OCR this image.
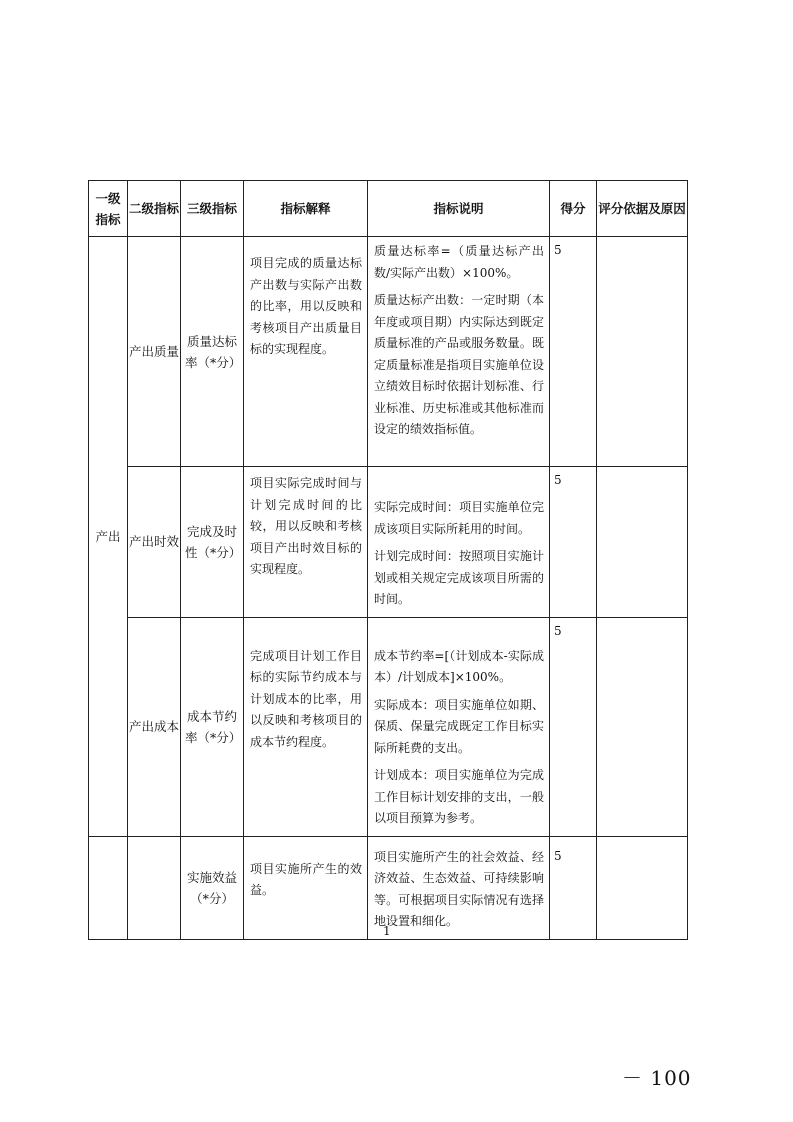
一级指标	二级指标	三级指标	指标解释	指标说明	得分	评分依据及原因
产出	产出质量	质量达标率（*分）	项目完成的质量达标产出数与实际产出数的比率，用以反映和考核项目产出质量目标的实现程度。	质量达标率=（质量达标产出数/实际产出数）×100%。

质量达标产出数：一定时期（本年度或项目期）内实际达到既定质量标准的产品或服务数量。既定质量标准是指项目实施单位设立绩效目标时依据计划标准、行业标准、历史标准或其他标准而设定的绩效指标值。	5	
	产出时效	完成及时性（*分）	项目实际完成时间与计划完成时间的比较，用以反映和考核项目产出时效目标的实现程度。	实际完成时间：项目实施单位完成该项目实际所耗用的时间。

计划完成时间：按照项目实施计划或相关规定完成该项目所需的时间。	5	
	产出成本	成本节约率（*分）	完成项目计划工作目标的实际节约成本与计划成本的比率，用以反映和考核项目的成本节约程度。	成本节约率=[（计划成本-实际成本）/计划成本]×100%。

实际成本：项目实施单位如期、保质、保量完成既定工作目标实际所耗费的支出。

计划成本：项目实施单位为完成工作目标计划安排的支出，一般以项目预算为参考。	5	
		实施效益（*分）	项目实施所产生的效益。	项目实施所产生的社会效益、经济效益、生态效益、可持续影响等。可根据项目实际情况有选择地设置和细化。	5	
1
－ 100
